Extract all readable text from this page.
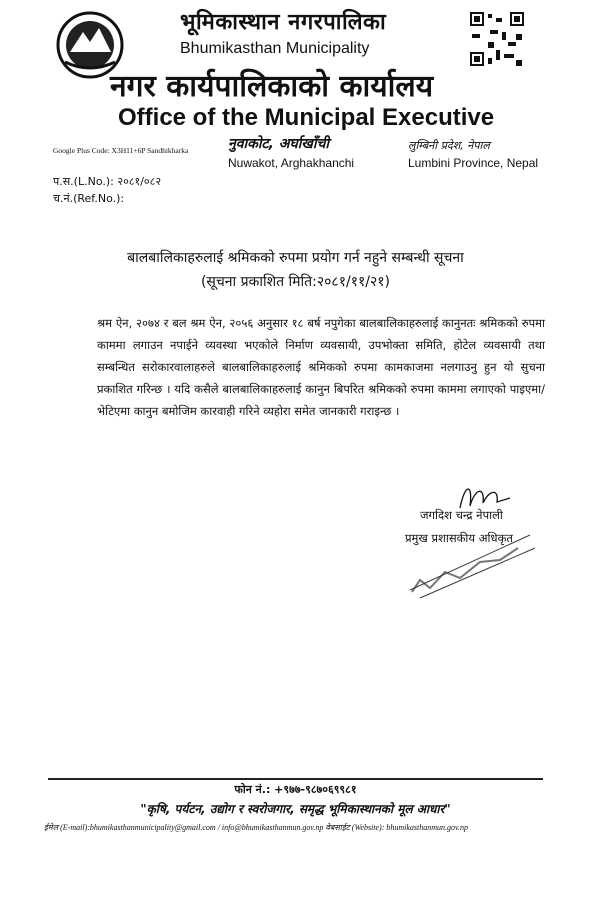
भूमिकास्थान नगरपालिका
Bhumikasthan Municipality
नगर कार्यपालिकाको कार्यालय
Office of the Municipal Executive
Google Plus Code: X3H11+6P Sandhikharka	नुवाकोट, अर्घाखाँची
Nuwakot, Arghakhanchi
लुम्बिनी प्रदेश, नेपाल
Lumbini Province, Nepal
प.स.(L.No.): २०८१/०८२
च.नं.(Ref.No.):
बालबालिकाहरुलाई श्रमिकको रुपमा प्रयोग गर्न नहुने सम्बन्धी सूचना
(सूचना प्रकाशित मिति:२०८१/११/२१)
श्रम ऐन, २०७४ र बल श्रम ऐन, २०५६ अनुसार १८ बर्ष नपुगेका बालबालिकाहरुलाई कानुनतः श्रमिकको रुपमा काममा लगाउन नपाईने व्यवस्था भएकोले निर्माण व्यवसायी, उपभोक्ता समिति, होटेल व्यवसायी तथा सम्बन्धित सरोकारवालाहरुले बालबालिकाहरुलाई श्रमिकको रुपमा कामकाजमा नलगाउनु हुन यो सुचना प्रकाशित गरिन्छ । यदि कसैले बालबालिकाहरुलाई कानुन बिपरित श्रमिकको रुपमा काममा लगाएको पाइएमा/भेटिएमा कानुन बमोजिम कारवाही गरिने व्यहोरा समेत जानकारी गराइन्छ ।
जगदिश चन्द्र नेपाली
प्रमुख प्रशासकीय अधिकृत
फोन नं.: +९७७-९८७०६९९८१
"कृषि, पर्यटन, उद्योग र स्वरोजगार, समृद्ध भूमिकास्थानको मूल आधार"
ईमेल (E-mail):bhumikasthanmunicipality@gmail.com / info@bhumikasthanmun.gov.np वेबसाईट (Website): bhumikasthanmun.gov.np
